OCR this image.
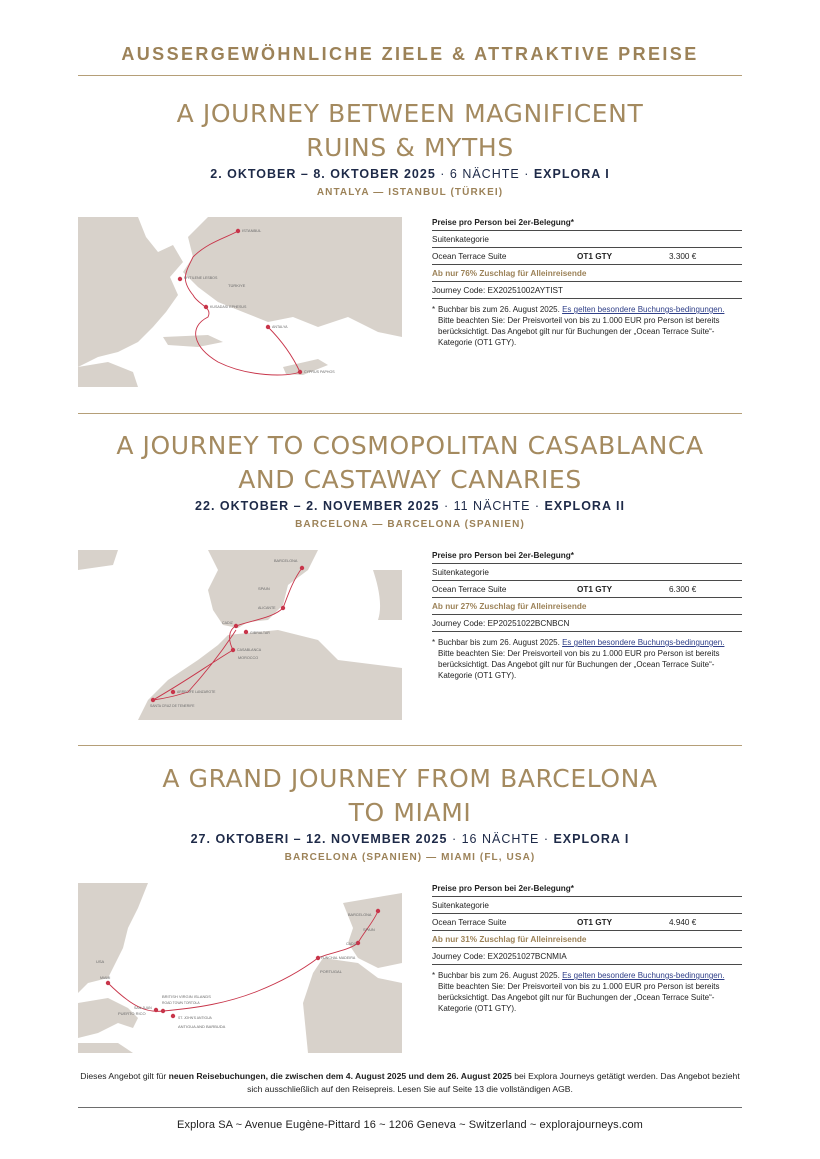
AUSSERGEWÖHNLICHE ZIELE & ATTRAKTIVE PREISE
A JOURNEY BETWEEN MAGNIFICENT
RUINS & MYTHS
2. OKTOBER – 8. OKTOBER 2025 · 6 NÄCHTE · EXPLORA I
ANTALYA — ISTANBUL (TÜRKEI)
ISTANBUL
MYTILENE LESBOS
TÜRKIYE
KUSADASI EPHESUS
ANTALYA
CYPRUS PAPHOS
Preise pro Person bei 2er-Belegung*
Suitenkategorie
Ocean Terrace Suite	OT1 GTY	3.300 €
Ab nur 76% Zuschlag für Alleinreisende
Journey Code: EX20251002AYTIST
* Buchbar bis zum 26. August 2025. Es gelten besondere Buchungs-bedingungen. Bitte beachten Sie: Der Preisvorteil von bis zu 1.000 EUR pro Person ist bereits berücksichtigt. Das Angebot gilt nur für Buchungen der „Ocean Terrace Suite“-Kategorie (OT1 GTY).
A JOURNEY TO COSMOPOLITAN CASABLANCA
AND CASTAWAY CANARIES
22. OKTOBER – 2. NOVEMBER 2025 · 11 NÄCHTE · EXPLORA II
BARCELONA — BARCELONA (SPANIEN)
BARCELONA
SPAIN
ALICANTE
CADIZ
GIBRALTAR
CASABLANCA
MOROCCO
ARRECIFE LANZAROTE
SANTA CRUZ DE TENERIFE
Preise pro Person bei 2er-Belegung*
Suitenkategorie
Ocean Terrace Suite	OT1 GTY	6.300 €
Ab nur 27% Zuschlag für Alleinreisende
Journey Code: EP20251022BCNBCN
* Buchbar bis zum 26. August 2025. Es gelten besondere Buchungs-bedingungen. Bitte beachten Sie: Der Preisvorteil von bis zu 1.000 EUR pro Person ist bereits berücksichtigt. Das Angebot gilt nur für Buchungen der „Ocean Terrace Suite“-Kategorie (OT1 GTY).
A GRAND JOURNEY FROM BARCELONA
TO MIAMI
27. OKTOBERI – 12. NOVEMBER 2025 · 16 NÄCHTE · EXPLORA I
BARCELONA (SPANIEN) — MIAMI (FL, USA)
BARCELONA
SPAIN
CADIZ
FUNCHAL MADEIRA
PORTUGAL
USA
MIAMI
BRITISH VIRGIN ISLANDS
ROAD TOWN TORTOLA
SAN JUAN
PUERTO RICO
ST. JOHN'S ANTIGUA
ANTIGUA AND BARBUDA
Preise pro Person bei 2er-Belegung*
Suitenkategorie
Ocean Terrace Suite	OT1 GTY	4.940 €
Ab nur 31% Zuschlag für Alleinreisende
Journey Code: EX20251027BCNMIA
* Buchbar bis zum 26. August 2025. Es gelten besondere Buchungs-bedingungen. Bitte beachten Sie: Der Preisvorteil von bis zu 1.000 EUR pro Person ist bereits berücksichtigt. Das Angebot gilt nur für Buchungen der „Ocean Terrace Suite“-Kategorie (OT1 GTY).
Dieses Angebot gilt für neuen Reisebuchungen, die zwischen dem 4. August 2025 und dem 26. August 2025 bei Explora Journeys getätigt werden. Das Angebot bezieht sich ausschließlich auf den Reisepreis. Lesen Sie auf Seite 13 die vollständigen AGB.
Explora SA ~ Avenue Eugène-Pittard 16 ~ 1206 Geneva ~ Switzerland ~ explorajourneys.com
